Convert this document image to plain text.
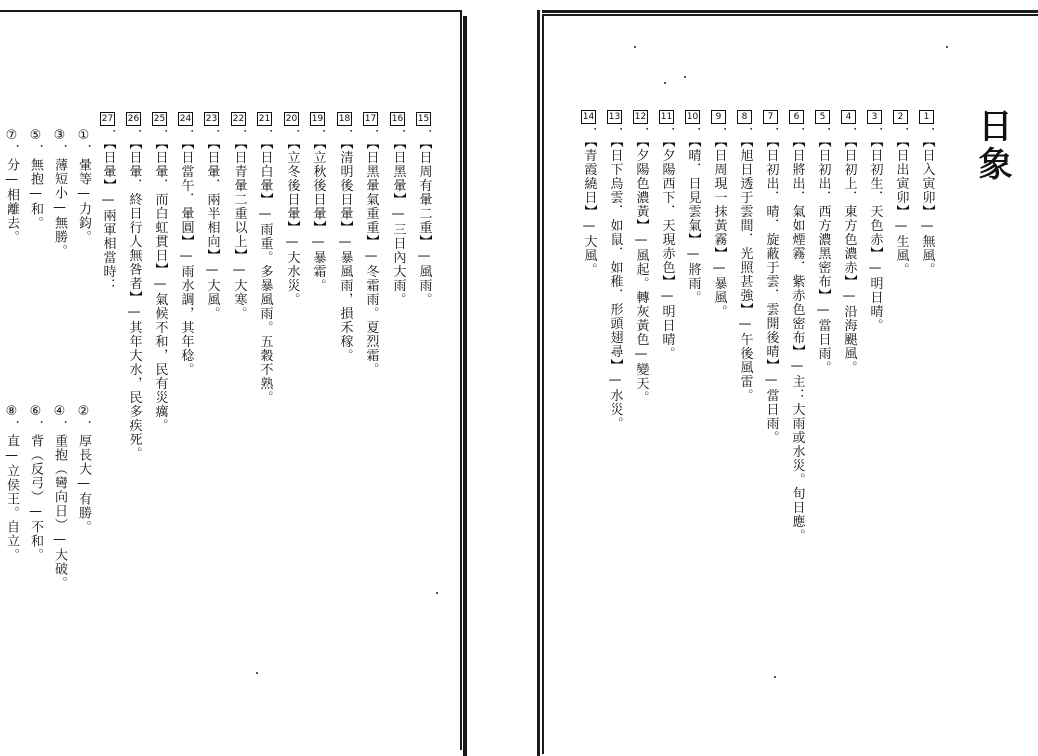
15．【日周有暈二重】—風雨。
16．【日黑暈】—三日內大雨。
17．【日黑暈氣重重】—冬霜雨。夏烈霜。
18．【清明後日暈】—暴風雨，損禾稼。
19．【立秋後日暈】—暴霜。
20．【立冬後日暈】—大水災。
21．【日白暈】—雨重。多暴風雨。五穀不熟。
22．【日青暈二重以上】—大寒。
23．【日暈．兩半相向】—大風。
24．【日當午．暈圓】—雨水調，其年稔。
25．【日暈．而白虹貫日】—氣候不和，民有災癘。
26．【日暈．終日行人無咎者】—其年大水，民多疾死。
27．【日暈】—兩軍相當時：
①．暈等—力鈞。
②．厚長大—有勝。
③．薄短小—無勝。
④．重抱（彎向日）—大破。
⑤．無抱—和。
⑥．背（反弓）—不和。
⑦．分—相離去。
⑧．直—立侯王。自立。
日象
1．【日入寅卯】—無風。
2．【日出寅卯】—生風。
3．【日初生．天色赤】—明日晴。
4．【日初上．東方色濃赤】—沿海颶風。
5．【日初出．西方濃黑密布】—當日雨。
6．【日將出．氣如煙霧．紫赤色密布】—主：大雨或水災。旬日應。
7．【日初出．晴．旋蔽于雲．雲開後晴】—當日雨。
8．【旭日透于雲間．光照甚強】—午後風雷。
9．【日周現一抹黃霧】—暴風。
10．【晴．日見雲氣】—將雨。
11．【夕陽西下．天現赤色】—明日晴。
12．【夕陽色濃黃】—風起。轉灰黃色—變天。
13．【日下烏雲．如鼠．如稚．形頭翅尋】—水災。
14．【青霞繞日】—大風。
